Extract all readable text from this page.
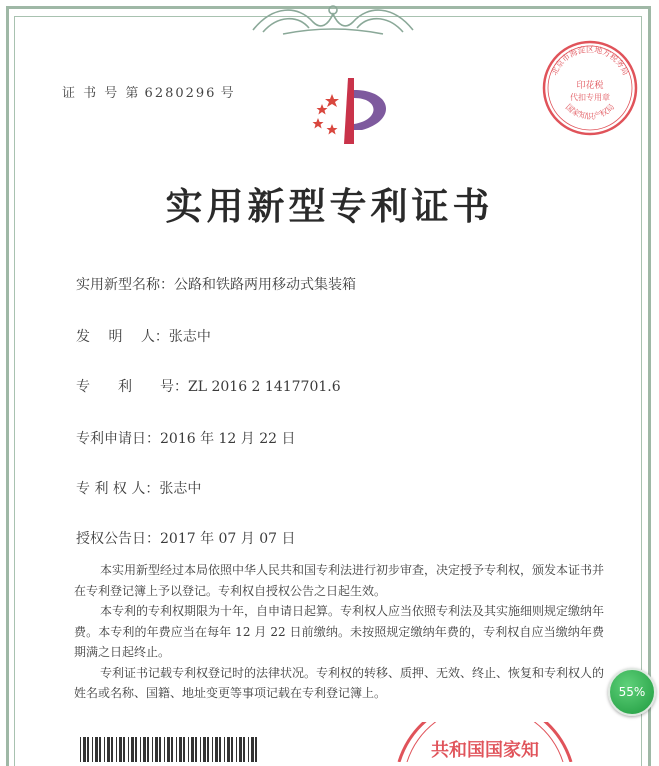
证 书 号 第 6280296 号
实用新型专利证书
实用新型名称：公路和铁路两用移动式集装箱
发　 明　 人：张志中
专　　利　　号：ZL 2016 2 1417701.6
专利申请日：2016 年 12 月 22 日
专 利 权 人：张志中
授权公告日：2017 年 07 月 07 日

本实用新型经过本局依照中华人民共和国专利法进行初步审查，决定授予专利权，颁发本证书并在专利登记簿上予以登记。专利权自授权公告之日起生效。

本专利的专利权期限为十年，自申请日起算。专利权人应当依照专利法及其实施细则规定缴纳年费。本专利的年费应当在每年 12 月 22 日前缴纳。未按照规定缴纳年费的，专利权自应当缴纳年费期满之日起终止。

专利证书记载专利权登记时的法律状况。专利权的转移、质押、无效、终止、恢复和专利权人的姓名或名称、国籍、地址变更等事项记载在专利登记簿上。

北京市海淀区地方税务局
印花税
代扣专用章
国家知识产权局
共和国国家知
55%
